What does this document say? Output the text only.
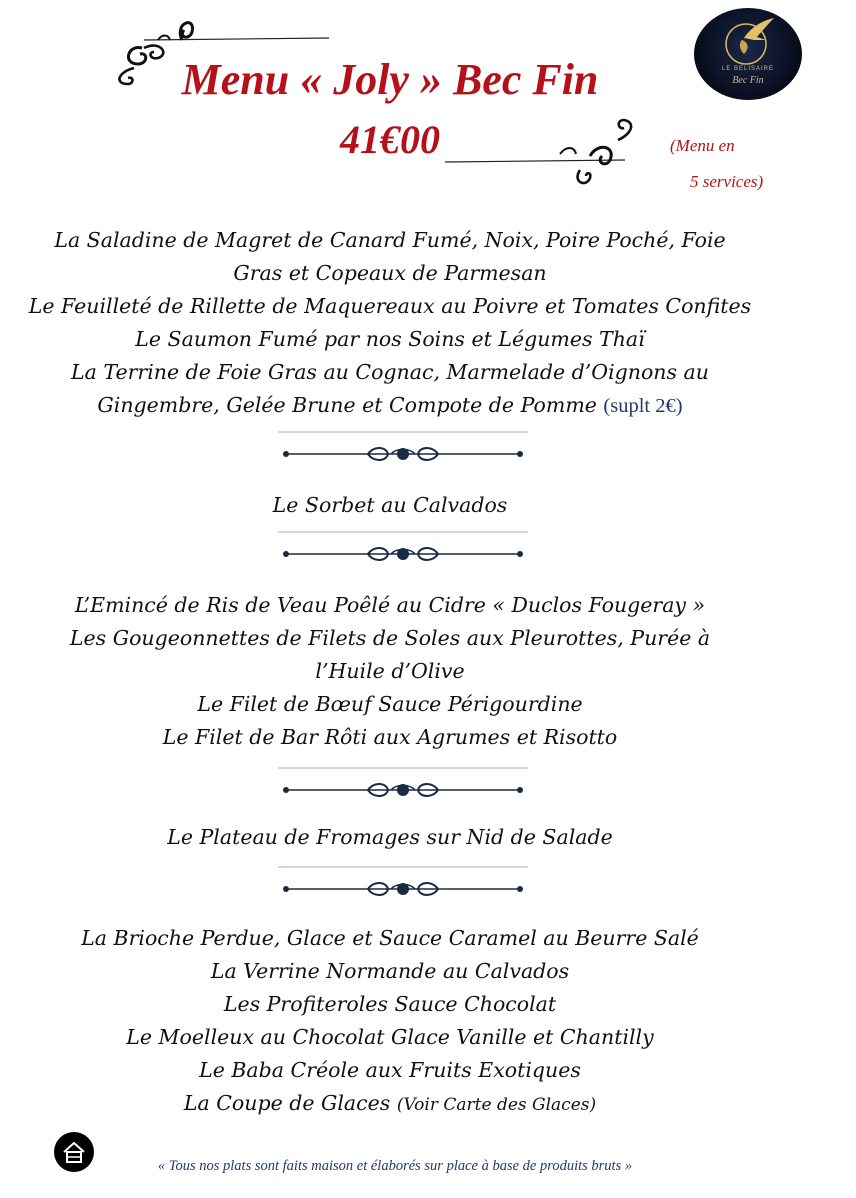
LE BELISAIRE
Bec Fin
Menu « Joly » Bec Fin
41€00	(Menu en
5 services)
La Saladine de Magret de Canard Fumé, Noix, Poire Poché, Foie
Gras et Copeaux de Parmesan
Le Feuilleté de Rillette de Maquereaux au Poivre et Tomates Confites
Le Saumon Fumé par nos Soins et Légumes Thaï
La Terrine de Foie Gras au Cognac, Marmelade d’Oignons au
Gingembre, Gelée Brune et Compote de Pomme (suplt 2€)
Le Sorbet au Calvados
L’Emincé de Ris de Veau Poêlé au Cidre « Duclos Fougeray »
Les Gougeonnettes de Filets de Soles aux Pleurottes, Purée à
l’Huile d’Olive
Le Filet de Bœuf Sauce Périgourdine
Le Filet de Bar Rôti aux Agrumes et Risotto
Le Plateau de Fromages sur Nid de Salade
La Brioche Perdue, Glace et Sauce Caramel au Beurre Salé
La Verrine Normande au Calvados
Les Profiteroles Sauce Chocolat
Le Moelleux au Chocolat Glace Vanille et Chantilly
Le Baba Créole aux Fruits Exotiques
La Coupe de Glaces (Voir Carte des Glaces)
« Tous nos plats sont faits maison et élaborés sur place à base de produits bruts »
